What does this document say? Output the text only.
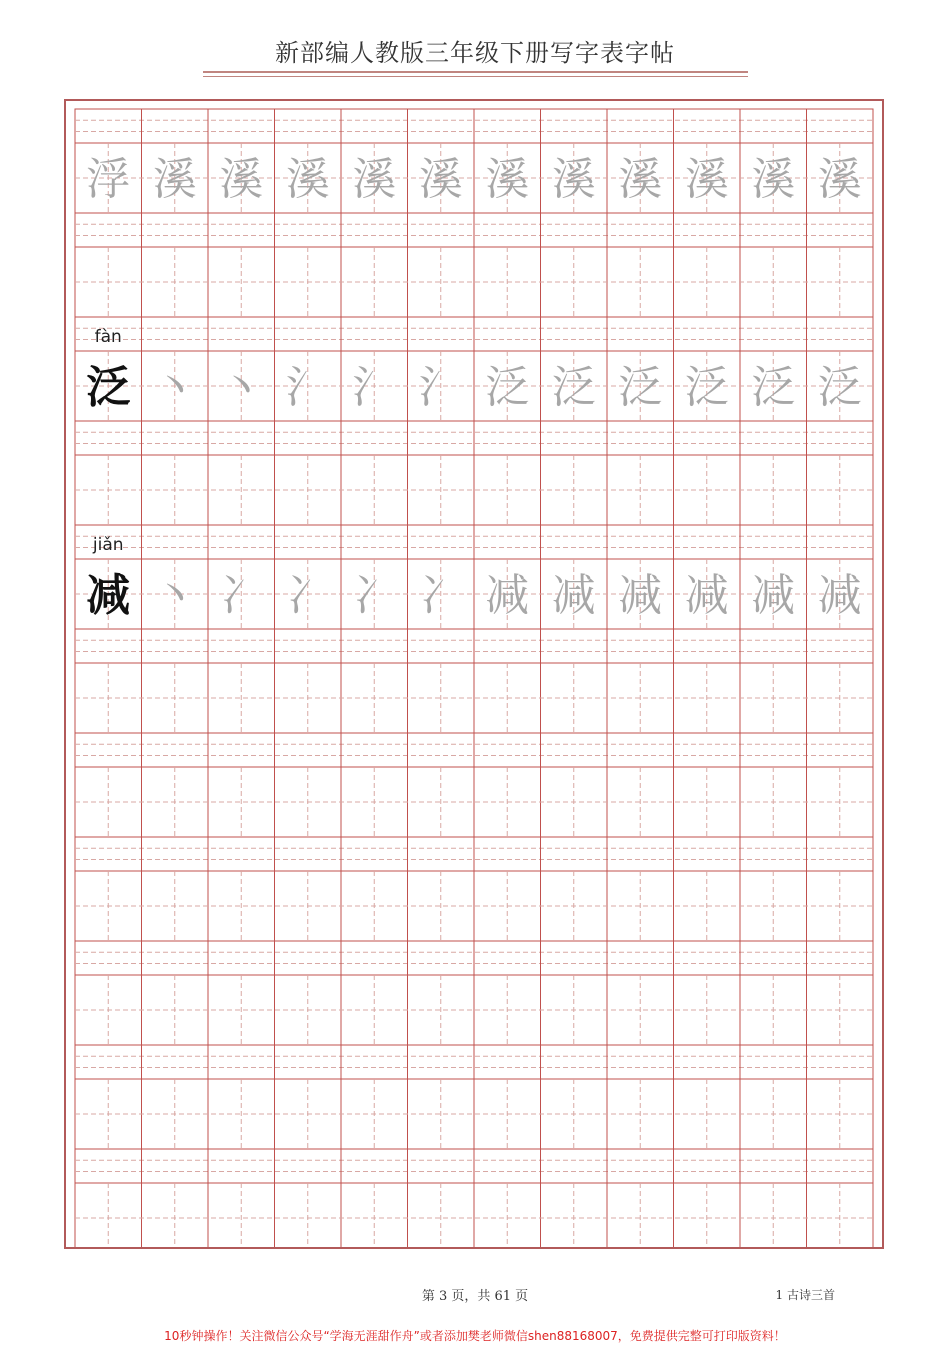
新部编人教版三年级下册写字表字帖
浮 溪 溪 溪 溪 溪 溪 溪 溪 溪 溪 溪
fàn
泛 丶 丶 氵 氵 氵 泛 泛 泛 泛 泛 泛
jiǎn
减 丶 冫 冫 冫 冫 减 减 减 减 减 减
第 3 页，共 61 页	1 古诗三首
10秒钟操作！关注微信公众号“学海无涯甜作舟”或者添加樊老师微信shen88168007，免费提供完整可打印版资料！
